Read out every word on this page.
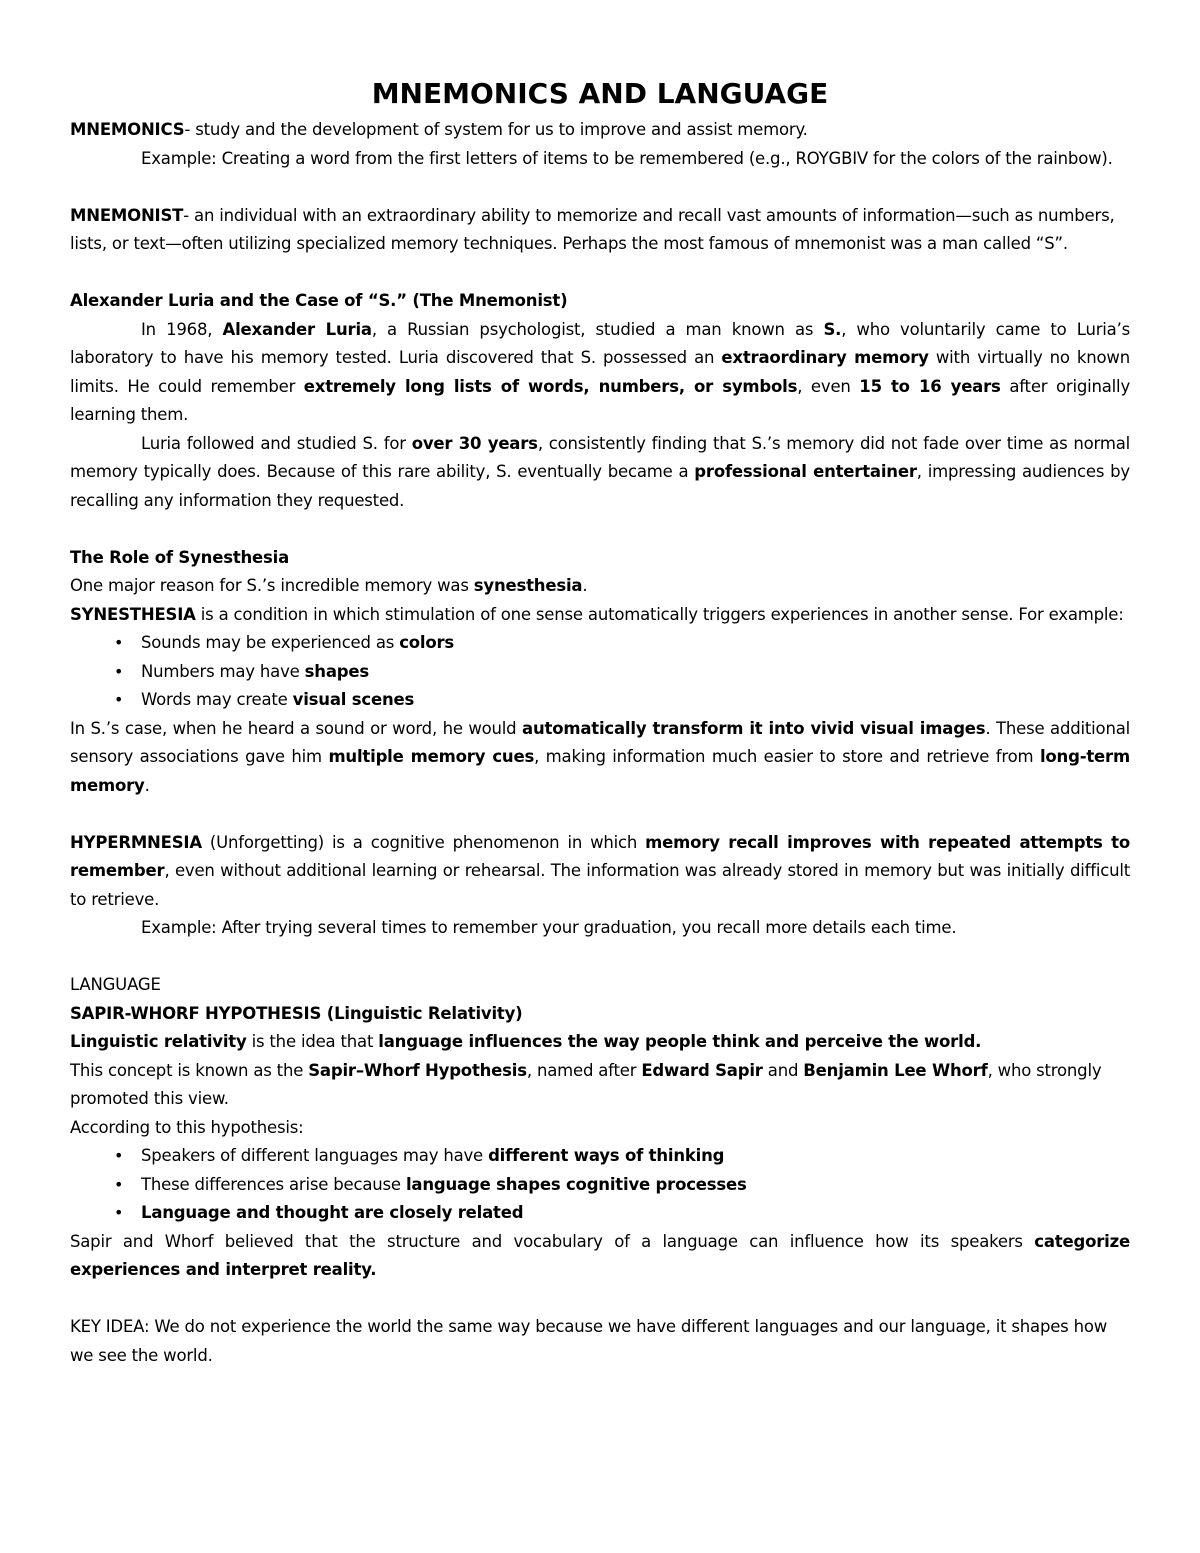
MNEMONICS AND LANGUAGE

MNEMONICS- study and the development of system for us to improve and assist memory.

Example: Creating a word from the first letters of items to be remembered (e.g., ROYGBIV for the colors of the rainbow).

MNEMONIST- an individual with an extraordinary ability to memorize and recall vast amounts of information—such as numbers, lists, or text—often utilizing specialized memory techniques. Perhaps the most famous of mnemonist was a man called “S”.

Alexander Luria and the Case of “S.” (The Mnemonist)

In 1968, Alexander Luria, a Russian psychologist, studied a man known as S., who voluntarily came to Luria’s laboratory to have his memory tested. Luria discovered that S. possessed an extraordinary memory with virtually no known limits. He could remember extremely long lists of words, numbers, or symbols, even 15 to 16 years after originally learning them.

Luria followed and studied S. for over 30 years, consistently finding that S.’s memory did not fade over time as normal memory typically does. Because of this rare ability, S. eventually became a professional entertainer, impressing audiences by recalling any information they requested.

The Role of Synesthesia

One major reason for S.’s incredible memory was synesthesia.

SYNESTHESIA is a condition in which stimulation of one sense automatically triggers experiences in another sense. For example:

• Sounds may be experienced as colors
• Numbers may have shapes
• Words may create visual scenes

In S.’s case, when he heard a sound or word, he would automatically transform it into vivid visual images. These additional sensory associations gave him multiple memory cues, making information much easier to store and retrieve from long-term memory.

HYPERMNESIA (Unforgetting) is a cognitive phenomenon in which memory recall improves with repeated attempts to remember, even without additional learning or rehearsal. The information was already stored in memory but was initially difficult to retrieve.

Example: After trying several times to remember your graduation, you recall more details each time.

LANGUAGE

SAPIR-WHORF HYPOTHESIS (Linguistic Relativity)

Linguistic relativity is the idea that language influences the way people think and perceive the world.

This concept is known as the Sapir–Whorf Hypothesis, named after Edward Sapir and Benjamin Lee Whorf, who strongly promoted this view.

According to this hypothesis:

• Speakers of different languages may have different ways of thinking
• These differences arise because language shapes cognitive processes
• Language and thought are closely related

Sapir and Whorf believed that the structure and vocabulary of a language can influence how its speakers categorize experiences and interpret reality.

KEY IDEA: We do not experience the world the same way because we have different languages and our language, it shapes how we see the world.
